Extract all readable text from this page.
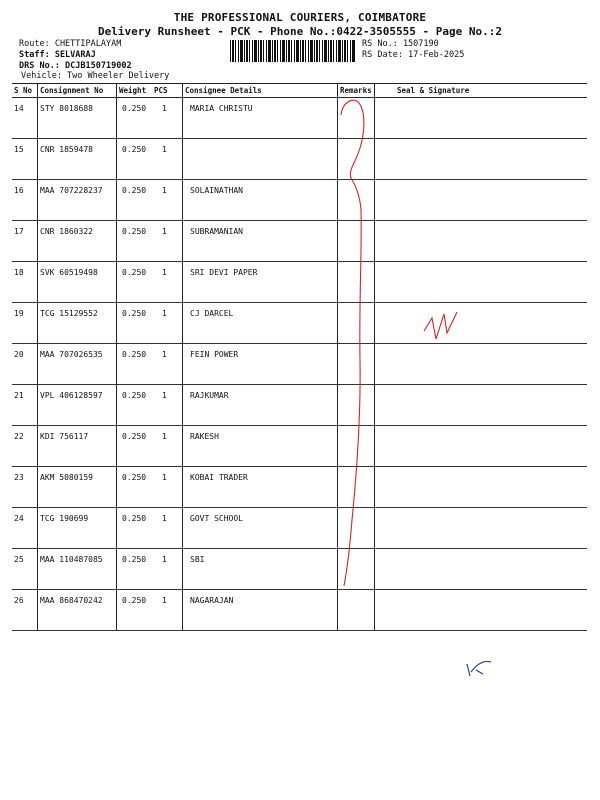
THE PROFESSIONAL COURIERS, COIMBATORE
Delivery Runsheet - PCK - Phone No.:0422-3505555 - Page No.:2
Route: CHETTIPALAYAM
Staff: SELVARAJ
DRS No.: DCJB150719002
Vehicle: Two Wheeler Delivery
RS No.: 1507190
RS Date: 17-Feb-2025
S No Consignment No Weight PCS Consignee Details	Remarks	Seal & Signature
14 STY 8018688	0.250 1	MARIA CHRISTU
15 CNR 1859478	0.250 1
16 MAA 707228237 0.250 1	SOLAINATHAN
17 CNR 1860322	0.250 1	SUBRAMANIAN
18 SVK 60519498	0.250 1	SRI DEVI PAPER
19 TCG 15129552	0.250 1	CJ DARCEL
20 MAA 707026535 0.250 1	FEIN POWER
21 VPL 406128597 0.250 1	RAJKUMAR
22 KDI 756117	0.250 1	RAKESH
23 AKM 5080159	0.250 1	KOBAI TRADER
24 TCG 190699	0.250 1	GOVT SCHOOL
25 MAA 110487085 0.250 1	SBI
26 MAA 868470242 0.250 1	NAGARAJAN
